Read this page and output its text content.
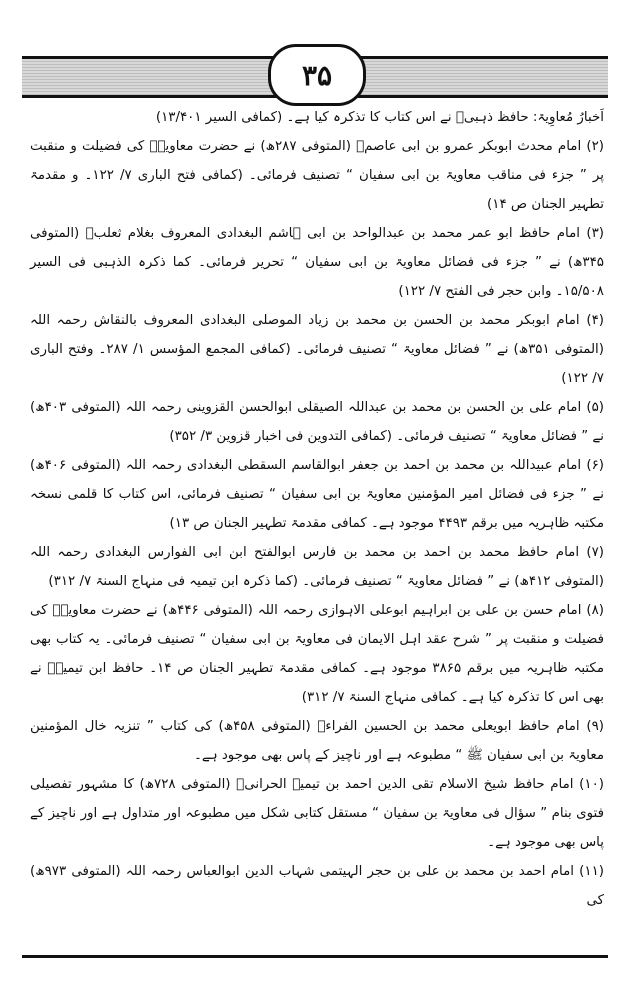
۳۵

اَخبارُ مُعاوِیۃ: حافظ ذہبیؒ نے اس کتاب کا تذکرہ کیا ہے۔ (کمافی السیر ۱۳/۴۰۱)

(۲) امام محدث ابوبکر عمرو بن ابی عاصمؒ (المتوفی ۲۸۷ھ) نے حضرت معاویہؓ کی فضیلت و منقبت پر ” جزء فی مناقب معاویۃ بن ابی سفیان “ تصنیف فرمائی۔ (کمافی فتح الباری ۷/ ۱۲۲۔ و مقدمۃ تطہیر الجنان ص ۱۴)

(۳) امام حافظ ابو عمر محمد بن عبدالواحد بن ابی ہاشم البغدادی المعروف بغلام ثعلبؒ (المتوفی ۳۴۵ھ) نے ” جزء فی فضائل معاویۃ بن ابی سفیان “ تحریر فرمائی۔ کما ذکرہ الذہبی فی السیر ۱۵/۵۰۸۔ وابن حجر فی الفتح ۷/ ۱۲۲)

(۴) امام ابوبکر محمد بن الحسن بن محمد بن زیاد الموصلی البغدادی المعروف بالنقاش رحمہ اللہ (المتوفی ۳۵۱ھ) نے ” فضائل معاویۃ “ تصنیف فرمائی۔ (کمافی المجمع المؤسس ۱/ ۲۸۷۔ وفتح الباری ۷/ ۱۲۲)

(۵) امام علی بن الحسن بن محمد بن عبداللہ الصیقلی ابوالحسن القزوینی رحمہ اللہ (المتوفی ۴۰۳ھ) نے ” فضائل معاویۃ “ تصنیف فرمائی۔ (کمافی التدوین فی اخبار قزوین ۳/ ۳۵۲)

(۶) امام عبیداللہ بن محمد بن احمد بن جعفر ابوالقاسم السقطی البغدادی رحمہ اللہ (المتوفی ۴۰۶ھ) نے ” جزء فی فضائل امیر المؤمنین معاویۃ بن ابی سفیان “ تصنیف فرمائی، اس کتاب کا قلمی نسخہ مکتبہ ظاہریہ میں برقم ۴۴۹۳ موجود ہے۔ کمافی مقدمۃ تطہیر الجنان ص ۱۳)

(۷) امام حافظ محمد بن احمد بن محمد بن فارس ابوالفتح ابن ابی الفوارس البغدادی رحمہ اللہ (المتوفی ۴۱۲ھ) نے ” فضائل معاویۃ “ تصنیف فرمائی۔ (کما ذکرہ ابن تیمیہ فی منہاج السنۃ ۷/ ۳۱۲)

(۸) امام حسن بن علی بن ابراہیم ابوعلی الاہوازی رحمہ اللہ (المتوفی ۴۴۶ھ) نے حضرت معاویہؓ کی فضیلت و منقبت پر ” شرح عقد اہل الایمان فی معاویۃ بن ابی سفیان “ تصنیف فرمائی۔ یہ کتاب بھی مکتبہ ظاہریہ میں برقم ۳۸۶۵ موجود ہے۔ کمافی مقدمۃ تطہیر الجنان ص ۱۴۔ حافظ ابن تیمیہؒ نے بھی اس کا تذکرہ کیا ہے۔ کمافی منہاج السنۃ ۷/ ۳۱۲)

(۹) امام حافظ ابویعلی محمد بن الحسین الفراءؒ (المتوفی ۴۵۸ھ) کی کتاب ” تنزیہ خال المؤمنین معاویۃ بن ابی سفیان ﷺ “ مطبوعہ ہے اور ناچیز کے پاس بھی موجود ہے۔

(۱۰) امام حافظ شیخ الاسلام تقی الدین احمد بن تیمیہ الحرانیؒ (المتوفی ۷۲۸ھ) کا مشہور تفصیلی فتوی بنام ” سؤال فی معاویۃ بن سفیان “ مستقل کتابی شکل میں مطبوعہ اور متداول ہے اور ناچیز کے پاس بھی موجود ہے۔

(۱۱) امام احمد بن محمد بن علی بن حجر الہیتمی شہاب الدین ابوالعباس رحمہ اللہ (المتوفی ۹۷۳ھ) کی
